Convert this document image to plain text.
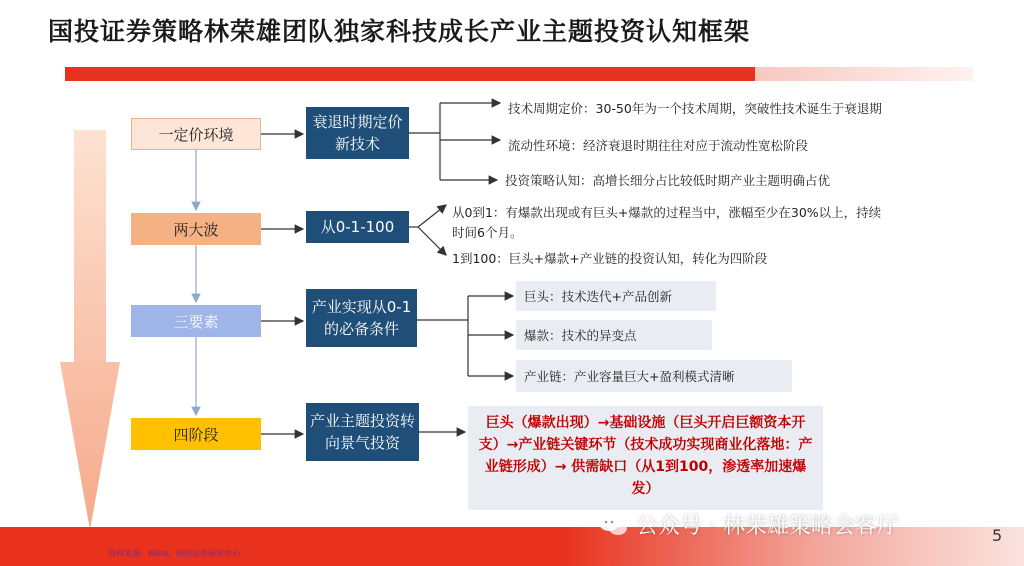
国投证券策略林荣雄团队独家科技成长产业主题投资认知框架
一定价环境
两大波
三要素
四阶段
衰退时期定价新技术
从0-1-100
产业实现从0-1的必备条件
产业主题投资转向景气投资
技术周期定价：30-50年为一个技术周期，突破性技术诞生于衰退期
流动性环境：经济衰退时期往往对应于流动性宽松阶段
投资策略认知：高增长细分占比较低时期产业主题明确占优
从0到1：有爆款出现或有巨头+爆款的过程当中，涨幅至少在30%以上，持续时间6个月。
1到100：巨头+爆款+产业链的投资认知，转化为四阶段
巨头：技术迭代+产品创新
爆款：技术的异变点
产业链：产业容量巨大+盈利模式清晰
巨头（爆款出现）→基础设施（巨头开启巨额资本开支）→产业链关键环节（技术成功实现商业化落地：产业链形成）→ 供需缺口（从1到100，渗透率加速爆发）
资料来源：Wind，国投证券研究中心
公众号 · 林荣雄策略会客厅	5
